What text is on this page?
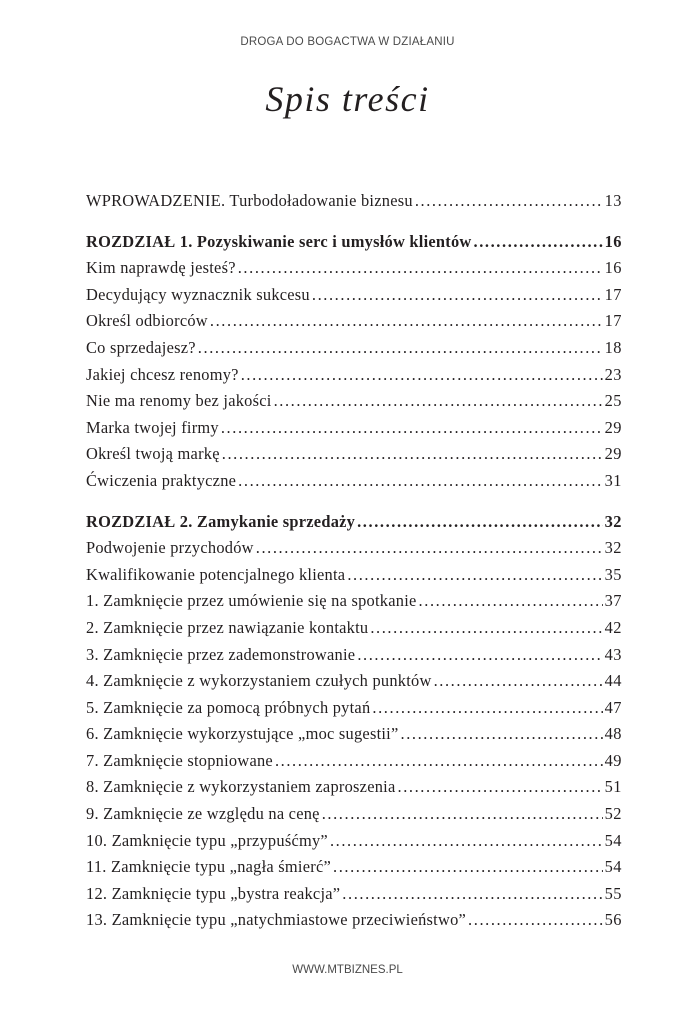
DROGA DO BOGACTWA W DZIAŁANIU
Spis treści
WPROWADZENIE. Turbodoładowanie biznesu .....	13
ROZDZIAŁ 1. Pozyskiwanie serc i umysłów klientów .....	16
Kim naprawdę jesteś? .....	16
Decydujący wyznacznik sukcesu .....	17
Określ odbiorców .....	17
Co sprzedajesz? .....	18
Jakiej chcesz renomy? .....	23
Nie ma renomy bez jakości .....	25
Marka twojej firmy .....	29
Określ twoją markę .....	29
Ćwiczenia praktyczne .....	31
ROZDZIAŁ 2. Zamykanie sprzedaży .....	32
Podwojenie przychodów .....	32
Kwalifikowanie potencjalnego klienta .....	35
1. Zamknięcie przez umówienie się na spotkanie .....	37
2. Zamknięcie przez nawiązanie kontaktu .....	42
3. Zamknięcie przez zademonstrowanie .....	43
4. Zamknięcie z wykorzystaniem czułych punktów .....	44
5. Zamknięcie za pomocą próbnych pytań .....	47
6. Zamknięcie wykorzystujące „moc sugestii” .....	48
7. Zamknięcie stopniowane .....	49
8. Zamknięcie z wykorzystaniem zaproszenia .....	51
9. Zamknięcie ze względu na cenę .....	52
10. Zamknięcie typu „przypuśćmy” .....	54
11. Zamknięcie typu „nagła śmierć” .....	54
12. Zamknięcie typu „bystra reakcja” .....	55
13. Zamknięcie typu „natychmiastowe przeciwieństwo” .....	56
WWW.MTBIZNES.PL
